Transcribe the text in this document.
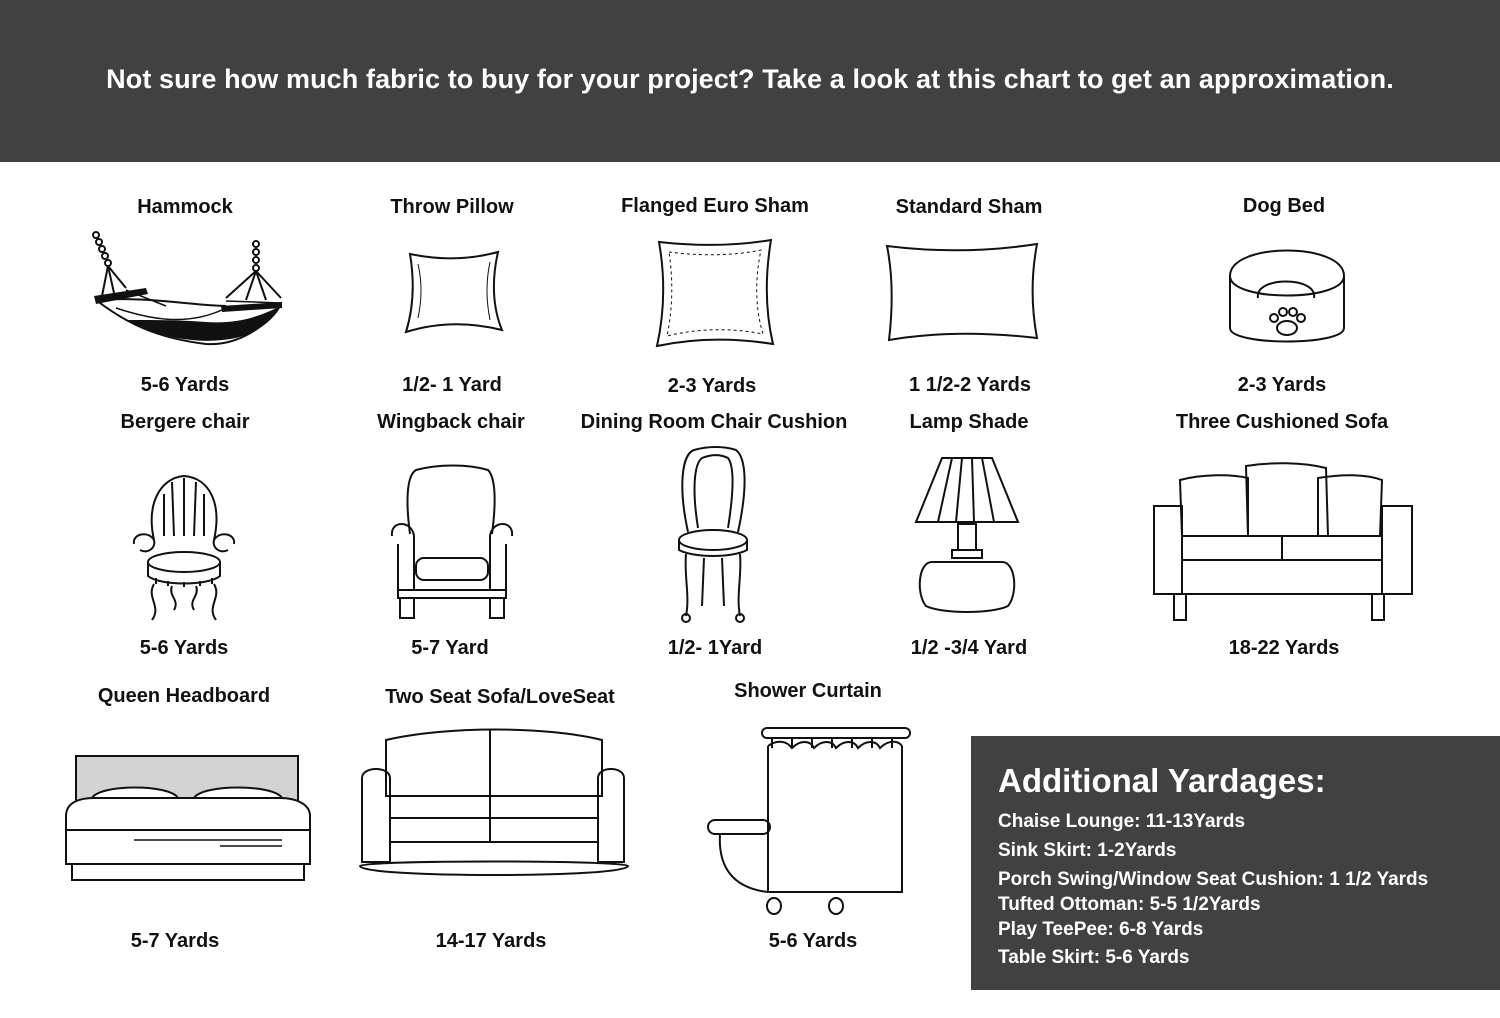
Not sure how much fabric to buy for your project? Take a look at this chart to get an approximation.
Hammock
5-6 Yards
Throw Pillow
1/2- 1 Yard
Flanged Euro Sham
2-3 Yards
Standard Sham
1 1/2-2 Yards
Dog Bed
2-3 Yards
Bergere chair
5-6 Yards
Wingback chair
5-7 Yard
Dining Room Chair Cushion
1/2- 1Yard
Lamp Shade
1/2 -3/4 Yard
Three Cushioned Sofa
18-22 Yards
Queen Headboard
5-7 Yards
Two Seat Sofa/LoveSeat
14-17 Yards
Shower Curtain
5-6 Yards
Additional Yardages:
Chaise Lounge: 11-13Yards
Sink Skirt: 1-2Yards
Porch Swing/Window Seat Cushion: 1 1/2 Yards
Tufted Ottoman: 5-5 1/2Yards
Play TeePee: 6-8 Yards
Table Skirt: 5-6 Yards
